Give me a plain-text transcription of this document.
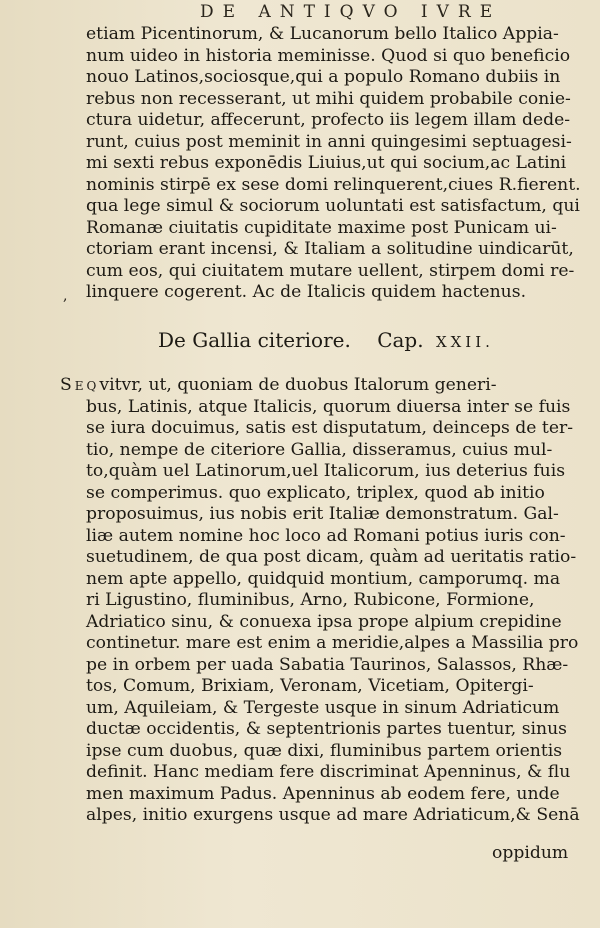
DE ANTIQVO IVRE
etiam Picentinorum, & Lucanorum bello Italico Appia-
num uideo in historia meminisse. Quod si quo beneficio
nouo Latinos,sociosque,qui a populo Romano dubiis in
rebus non recesserant, ut mihi quidem probabile conie-
ctura uidetur, affecerunt, profecto iis legem illam dede-
runt, cuius post meminit in anni quingesimi septuagesi-
mi sexti rebus exponēdis Liuius,ut qui socium,ac Latini
nominis stirpē ex sese domi relinquerent,ciues R.fierent.
qua lege simul & sociorum uoluntati est satisfactum, qui
Romanæ ciuitatis cupiditate maxime post Punicam ui-
ctoriam erant incensi, & Italiam a solitudine uindicarūt,
cum eos, qui ciuitatem mutare uellent, stirpem domi re-
linquere cogerent. Ac de Italicis quidem hactenus.
,
De Gallia citeriore. Cap. XXII.
Seqvitvr, ut, quoniam de duobus Italorum generi-
bus, Latinis, atque Italicis, quorum diuersa inter se fuis
se iura docuimus, satis est disputatum, deinceps de ter-
tio, nempe de citeriore Gallia, disseramus, cuius mul-
to,quàm uel Latinorum,uel Italicorum, ius deterius fuis
se comperimus. quo explicato, triplex, quod ab initio
proposuimus, ius nobis erit Italiæ demonstratum. Gal-
liæ autem nomine hoc loco ad Romani potius iuris con-
suetudinem, de qua post dicam, quàm ad ueritatis ratio-
nem apte appello, quidquid montium, camporumq. ma
ri Ligustino, fluminibus, Arno, Rubicone, Formione,
Adriatico sinu, & conuexa ipsa prope alpium crepidine
continetur. mare est enim a meridie,alpes a Massilia pro
pe in orbem per uada Sabatia Taurinos, Salassos, Rhæ-
tos, Comum, Brixiam, Veronam, Vicetiam, Opitergi-
um, Aquileiam, & Tergeste usque in sinum Adriaticum
ductæ occidentis, & septentrionis partes tuentur, sinus
ipse cum duobus, quæ dixi, fluminibus partem orientis
definit. Hanc mediam fere discriminat Apenninus, & flu
men maximum Padus. Apenninus ab eodem fere, unde
alpes, initio exurgens usque ad mare Adriaticum,& Senā
oppidum
